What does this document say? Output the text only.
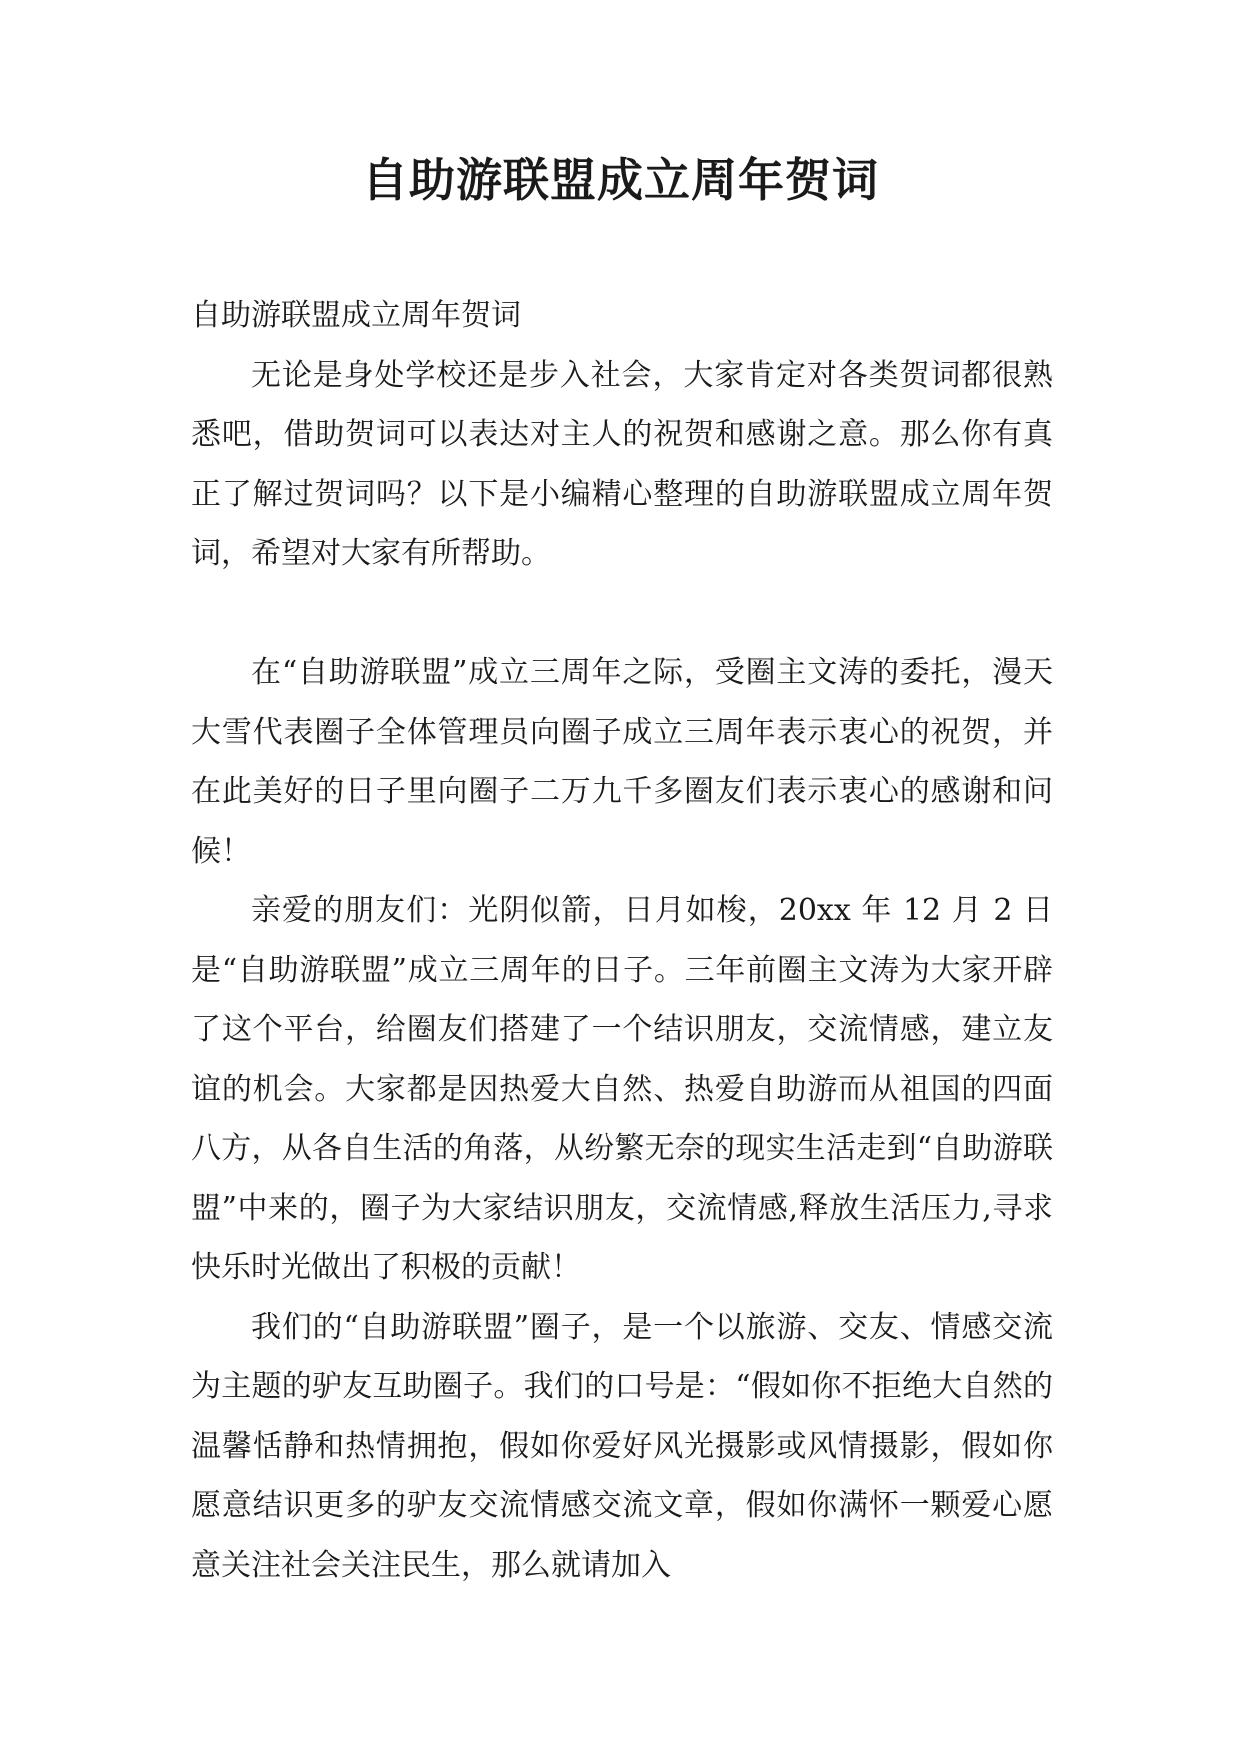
自助游联盟成立周年贺词

自助游联盟成立周年贺词

无论是身处学校还是步入社会，大家肯定对各类贺词都很熟悉吧，借助贺词可以表达对主人的祝贺和感谢之意。那么你有真正了解过贺词吗？以下是小编精心整理的自助游联盟成立周年贺词，希望对大家有所帮助。

在“自助游联盟”成立三周年之际，受圈主文涛的委托，漫天大雪代表圈子全体管理员向圈子成立三周年表示衷心的祝贺，并在此美好的日子里向圈子二万九千多圈友们表示衷心的感谢和问候！

亲爱的朋友们：光阴似箭，日月如梭，20xx 年 12 月 2 日是“自助游联盟”成立三周年的日子。三年前圈主文涛为大家开辟了这个平台，给圈友们搭建了一个结识朋友，交流情感，建立友谊的机会。大家都是因热爱大自然、热爱自助游而从祖国的四面八方，从各自生活的角落，从纷繁无奈的现实生活走到“自助游联盟”中来的，圈子为大家结识朋友，交流情感,释放生活压力,寻求快乐时光做出了积极的贡献！

我们的“自助游联盟”圈子，是一个以旅游、交友、情感交流为主题的驴友互助圈子。我们的口号是：“假如你不拒绝大自然的温馨恬静和热情拥抱，假如你爱好风光摄影或风情摄影，假如你愿意结识更多的驴友交流情感交流文章，假如你满怀一颗爱心愿意关注社会关注民生，那么就请加入
